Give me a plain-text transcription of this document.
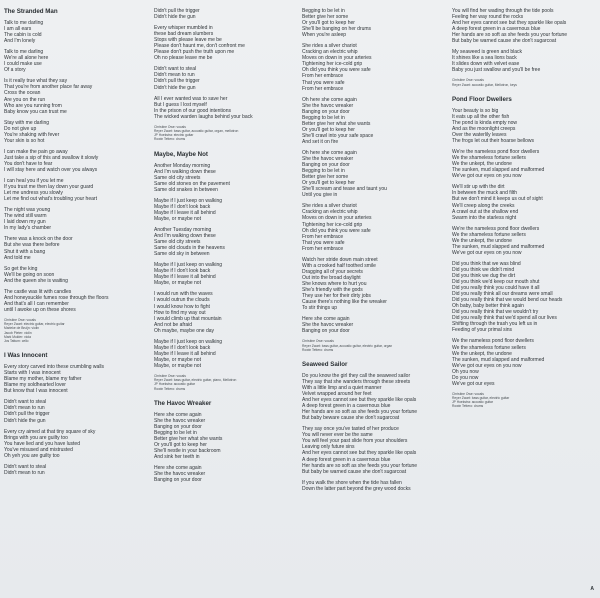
The Stranded Man
Talk to me darling
I am all ears
The cabin is cold
And I'm lonely
Talk to me darling
We're all alone here
I could make use
Of a story
Is it really true what they say
That you're from another place far away
Cross the ocean
Are you on the run
Who are you running from
Baby know you can trust me
Stay with me darling
Do not give up
You're shaking with fever
Your skin is so hot
I can make the pain go away
Just take a sip of this and swallow it slowly
You don't have to fear
I will stay here and watch over you always
I can heal you if you let me
If you trust me then lay down your guard
Let me undress you slowly
Let me find out what's troubling your heart
The night was young
The wind still warm
I laid down my gun
In my lady's chamber
There was a knock on the door
But she was there before
Shut it with a bang
And told me
So get the king
We'll be going on soon
And the queen she is waiting
The castle was lit with candles
And honeysuckle fumes rose through the floors
And that's all I can remember
until I awoke up on these shores
Christine Owe: vocals
Reyer Zwart: electric guitar, electric guitar
Marieke de Bruijn: violin
Jacob Pieter: violin
Mark Mulder: viola
Jos Tattum: cello
I Was Innocent
Every story carved into these crumbling walls
Starts with I was innocent
Blame my mother, blame my father
Blame my soldhearted lover
But know that I was innocent
Didn't want to steal
Didn't mean to run
Didn't pull the trigger
Didn't hide the gun
Every cry aimed at that tiny square of sky
Brings with you are guilty too
You have lied and you have lusted
You've misused and mistrusted
Oh yeh you are guilty too
Didn't want to steal
Didn't mean to run
Didn't pull the trigger
Didn't hide the gun
Every whisper mumbled in
these bad dream slumbers
Stops with please leave me be
Please don't haunt me, don't confront me
Please don't push the truth upon me
Oh no please leave me be
Didn't want to steal
Didn't mean to run
Didn't pull the trigger
Didn't hide the gun
All I ever wanted was to save her
But I guess I lost myself
In the prison of our good intentions
The wicked warden laughs behind your back
Christine Owe: vocals
Reyer Zwart: bass guitar, acoustic guitar, organ, mellotron
JP Hoekstra: electric guitar
Rowin Tettero: drums
Maybe, Maybe Not
Another Monday morning
And I'm walking down these
Same old city streets
Same old stones on the pavement
Same old snakes in between
Maybe if I just keep on walking
Maybe if I don't look back
Maybe if I leave it all behind
Maybe, or maybe not
Another Tuesday morning
And I'm walking down these
Same old city streets
Same old clouds in the heavens
Same old sky in between
Maybe if I just keep on walking
Maybe if I don't look back
Maybe if I leave it all behind
Maybe, or maybe not
I would run with the waves
I would outrun the clouds
I would know how to fight
How to find my way out
I would climb up that mountain
And not be afraid
Oh maybe, maybe one day
Maybe if I just keep on walking
Maybe if I don't look back
Maybe if I leave it all behind
Maybe, or maybe not
Maybe, or maybe not
Christine Owe: vocals
Reyer Zwart: bass guitar, electric guitar, piano, Mellotron
JP Hoekstra: acoustic guitar
Rowin Tettero: drums
The Havoc Wreaker
Here she come again
She the havoc wreaker
Banging on your door
Begging to be let in
Better give her what she wants
Or you'll got to keep her
She'll nestle in your backroom
And sink her teeth in
Here she come again
She the havoc wreaker
Banging on your door
Begging to be let in
Better give her some
Or you'll got to keep her
She'll be banging on her drums
When you're asleep
She rides a silver chariot
Cracking an electric whip
Moves on down in your arteries
Tightening her ice-cold grip
Oh did you think you were safe
From her embrace
That you were safe
From her embrace
Oh here she come again
She the havoc wreaker
Banging on your door
Begging to be let in
Better give her what she wants
Or you'll get to keep her
She'll crawl into your safe space
And set it on fire
Oh here she come again
She the havoc wreaker
Banging on your door
Begging to be let in
Better give her some
Or you'll get to keep her
She'll scream and tease and taunt you
Until you give in
She rides a silver chariot
Cracking an electric whip
Moves on down in your arteries
Tightening her ice-cold grip
Oh did you think you were safe
From her embrace
That you were safe
From her embrace
Watch her stride down main street
With a crooked half toothed smile
Dragging all of your secrets
Out into the broad daylight
She knows where to hurt you
She's friendly with the gods
They use her for their dirty jobs
Cause there's nothing like the wreaker
To stir things up
Here she come again
She the havoc wreaker
Banging on your door
Christine Owe: vocals
Reyer Zwart: bass guitar, acoustic guitar, electric guitar, organ
Rowin Tettero: drums
Seaweed Sailor
Do you know the girl they call the seaweed sailor
They say that she wanders through these streets
With a little limp and a quiet manner
Velvet wrapped around her feet
And her eyes cannot see but they sparkle like opals
A deep forest green in a cavernous blue
Her hands are so soft as she feeds you your fortune
But baby beware cause she don't sugarcoat
They say once you've tasted of her produce
You will never ever be the same
You will feel your past slide from your shoulders
Leaving only future sins
And her eyes cannot see but they sparkle like opals
A deep forest green in a cavernous blue
Her hands are so soft as she feeds you your fortune
But baby be warned cause she don't sugarcoat
If you walk the shore when the tide has fallen
Down the latter part beyond the grey wood docks
You will find her wading through the tide pools
Feeling her way round the rocks
And her eyes cannot see but they sparkle like opals
A deep forest green in a cavernous blue
Her hands are so soft as she feeds you your fortune
But baby be warned cause she don't sugarcoat
My seaweed is green and black
It shines like a sea lions back
It slides down with velvet ease
Baby you just swallow and you'll be free
Christine Owe: vocals
Reyer Zwart: acoustic guitar, Mellotron, keys
Pond Floor Dwellers
Your beauty is so big
It eats up all the other fish
The pond is kinda empty now
And as the moonlight creeps
Over the waterlily leaves
The frogs let out their hoarse bellows
We're the nameless pond floor dwellers
We the shameless fortune sellers
We the unkept, the undone
The sunken, mud slapped and malformed
We've got our eyes on you now
We'll stir up with the dirt
In between the muck and filth
But we don't mind it keeps us out of sight
We'll creep along the creeks
A crawl out at the shallow end
Swarm into the starless night
We're the nameless pond floor dwellers
We the shameless fortune sellers
We the unkept, the undone
The sunken, mud slapped and malformed
We've got our eyes on you now
Did you think that we was blind
Did you think we didn't mind
Did you think we dug the dirt
Did you think we'd keep our mouth shut
Did you really think you could have it all
Did you really think all our dreams were small
Did you really think that we would bend our heads
Oh baby, baby better think again
Did you really think that we wouldn't try
Did you really think that we'd spend all our lives
Shifting through the trash you left us in
Feeding of your primal sins
We the nameless pond floor dwellers
We the shameless fortune sellers
We the unkept, the undone
The sunken, mud slapped and malformed
We've got our eyes on you now
Oh you now
Do you now
We've got our eyes
Christine Owe: vocals
Reyer Zwart: bass guitar, electric guitar
JP Hoekstra: acoustic guitar
Rowin Tettero: drums
A
